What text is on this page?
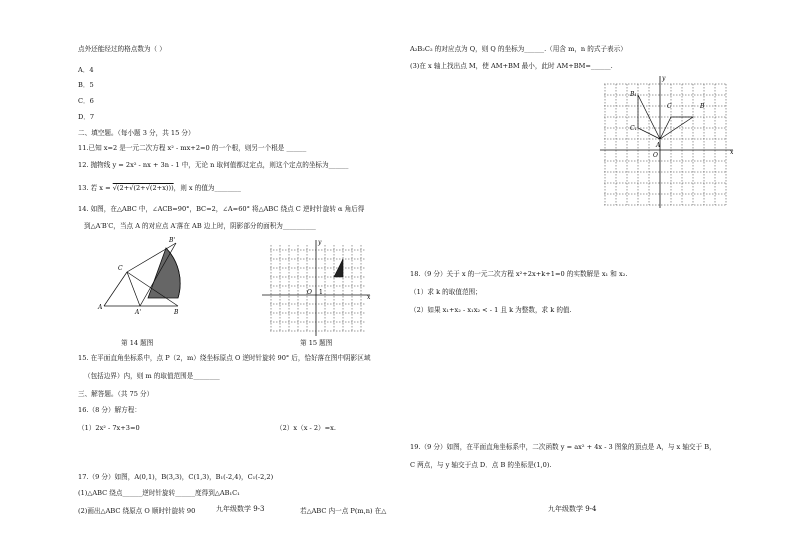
点外还能经过的格点数为（ ）
A．4
B．5
C．6
D．7
二、填空题。（每小题 3 分，共 15 分）
11.已知 x=2 是一元二次方程 x² - mx+2=0 的一个根，则另一个根是 ______
12. 抛物线 y = 2x² - nx + 3n - 1 中，无论 n 取何值都过定点，则这个定点的坐标为______
13. 若 x = √(2+√(2+√(2+x)))，则 x 的值为________
14. 如图，在△ABC 中，∠ACB=90°，BC=2，∠A=60° 将△ABC 绕点 C 逆时针旋转 α 角后得
到△A′B′C，当点 A 的对应点 A′落在 AB 边上时，阴影部分的面积为__________
B'
C
A
A'	B
第 14 题图
y
x
O 1
第 15 题图
15. 在平面直角坐标系中，点 P（2，m）绕坐标原点 O 逆时针旋转 90° 后，恰好落在图中阴影区域
（包括边界）内，则 m 的取值范围是________
三、解答题。（共 75 分）
16.（8 分）解方程：
（1）2x² - 7x+3=0	（2）x（x - 2）=x.
17.（9 分）如图，A(0,1)，B(3,3)，C(1,3)，B₁(-2,4)，C₁(-2,2)
(1)△ABC 绕点______逆时针旋转______度得到△AB₁C₁
(2)画出△ABC 绕原点 O 顺时针旋转 90	若△ABC 内一点 P(m,n) 在△
九年级数学 9-3
A₂B₂C₂ 的对应点为 Q，则 Q 的坐标为______.（用含 m，n 的式子表示）
(3)在 x 轴上找出点 M，使 AM+BM 最小，此时 AM+BM=______.
y
x
O
A
B
C
B₁
C₁
18.（9 分）关于 x 的一元二次方程 x²+2x+k+1=0 的实数解是 x₁ 和 x₂.
（1）求 k 的取值范围；
（2）如果 x₁+x₂ - x₁x₂ < - 1 且 k 为整数，求 k 的值.
19.（9 分）如图，在平面直角坐标系中，二次函数 y = ax² + 4x - 3 图象的顶点是 A，与 x 轴交于 B，
C 两点，与 y 轴交于点 D．点 B 的坐标是(1,0).
九年级数学 9-4
